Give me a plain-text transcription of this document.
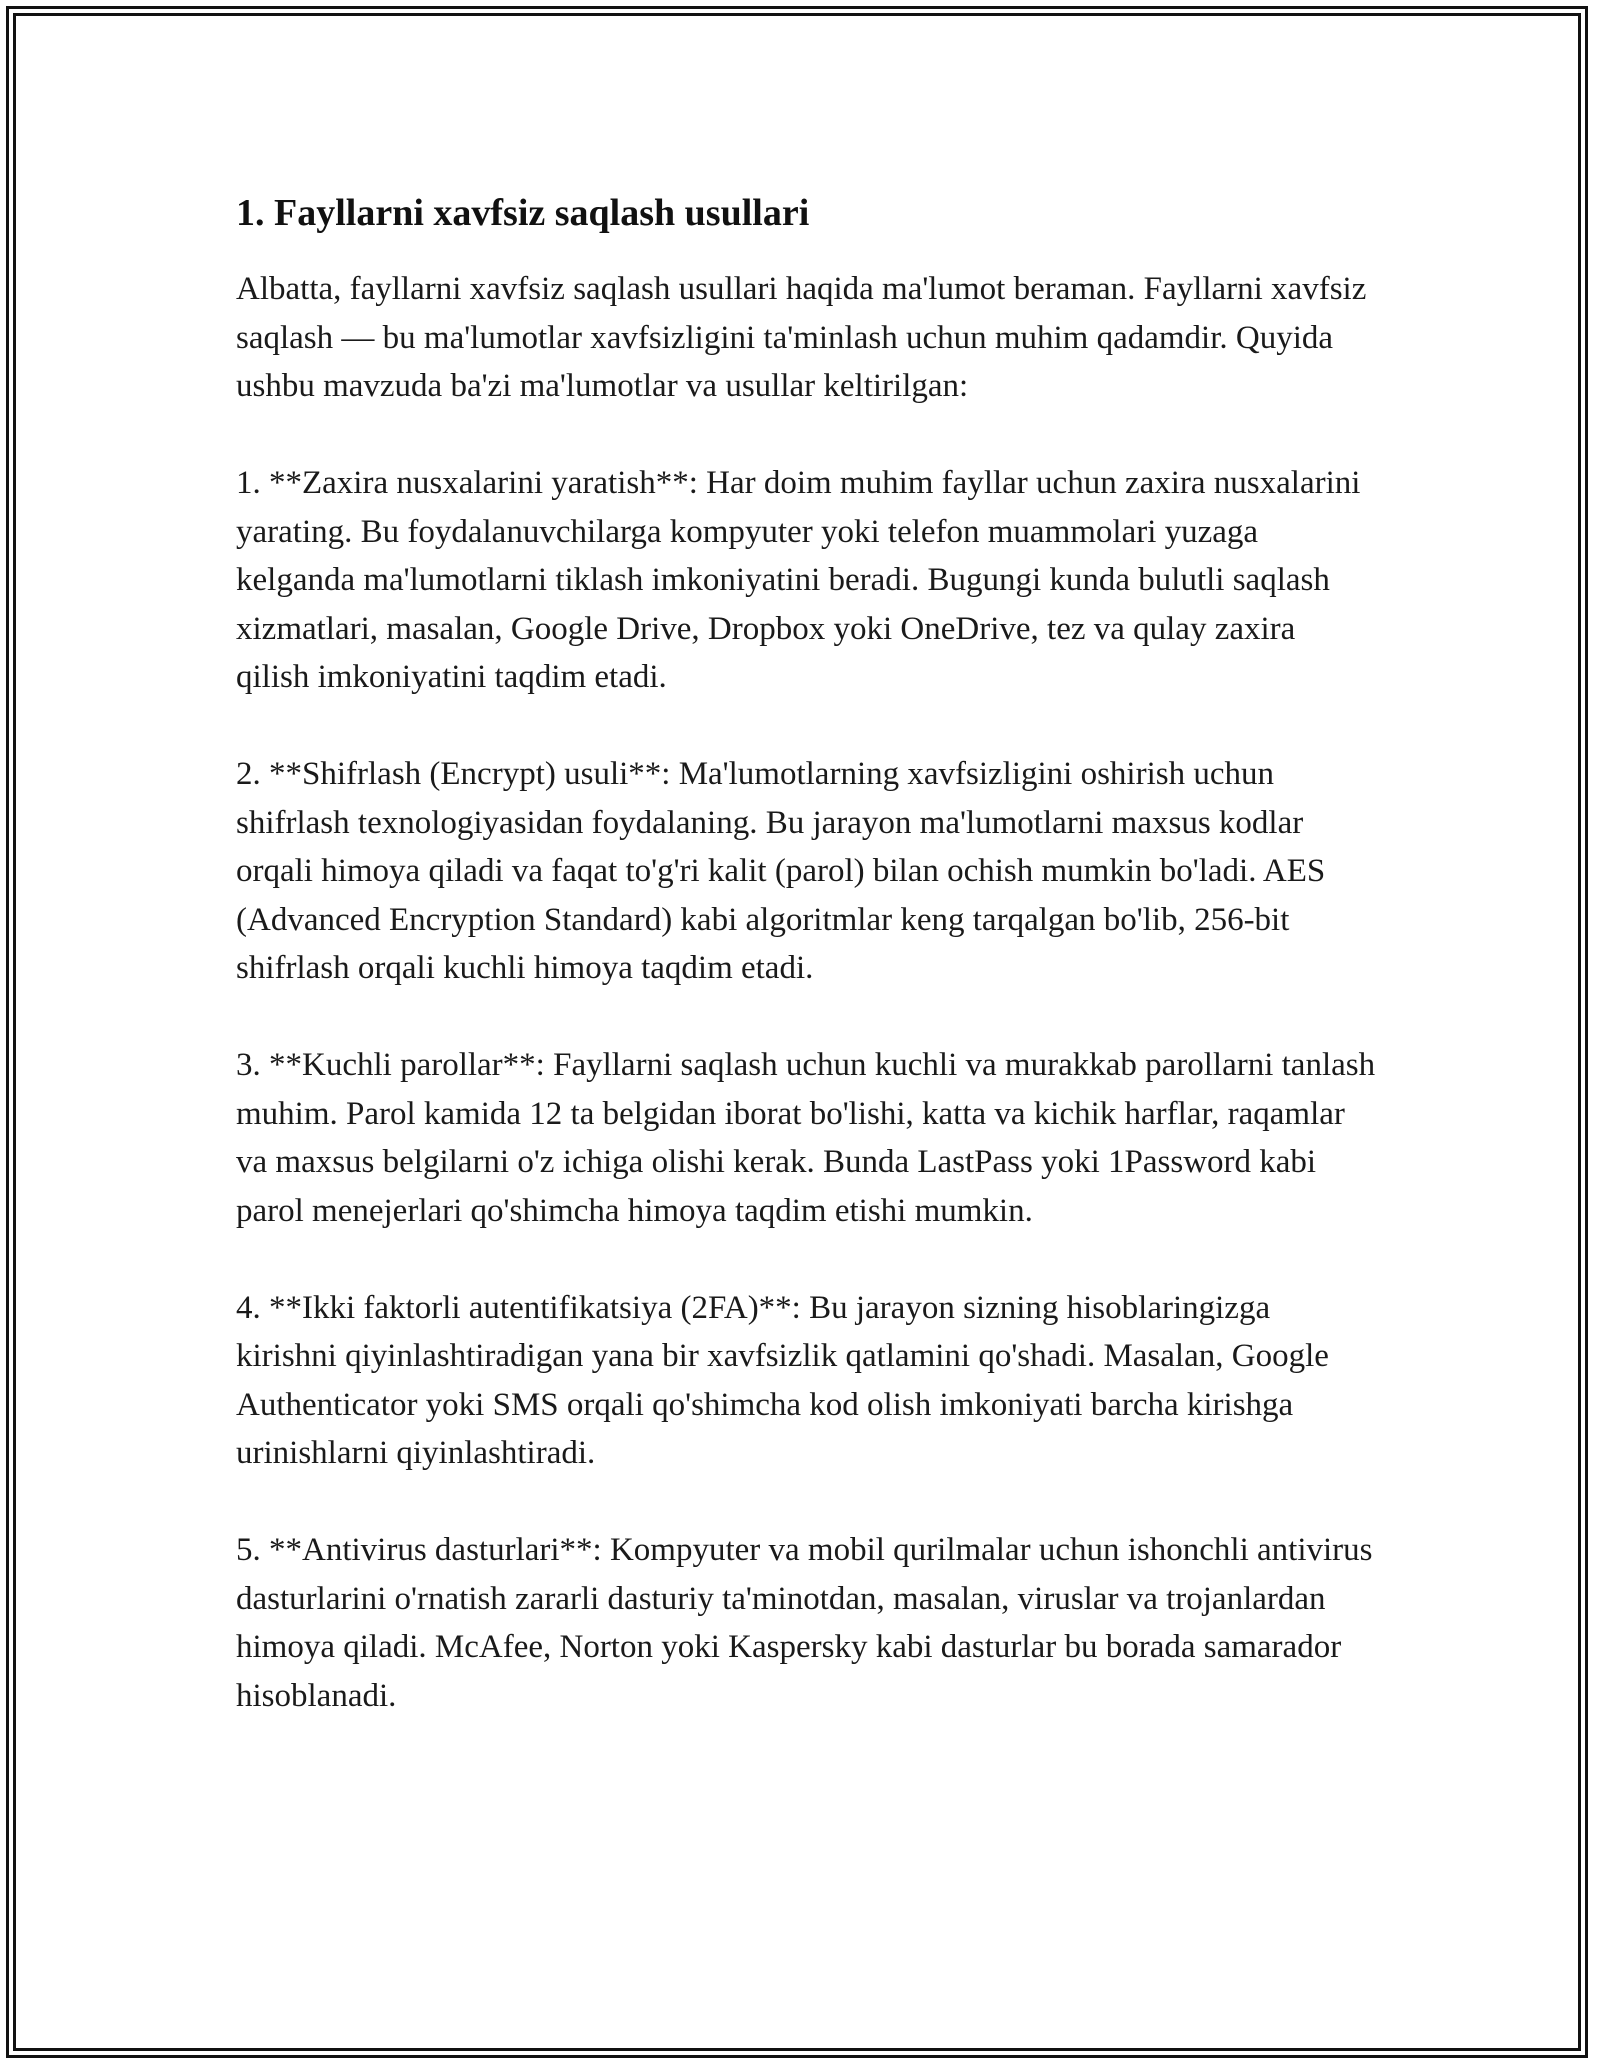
1. Fayllarni xavfsiz saqlash usullari

Albatta, fayllarni xavfsiz saqlash usullari haqida ma'lumot beraman. Fayllarni xavfsiz saqlash — bu ma'lumotlar xavfsizligini ta'minlash uchun muhim qadamdir. Quyida ushbu mavzuda ba'zi ma'lumotlar va usullar keltirilgan:

1. **Zaxira nusxalarini yaratish**: Har doim muhim fayllar uchun zaxira nusxalarini yarating. Bu foydalanuvchilarga kompyuter yoki telefon muammolari yuzaga kelganda ma'lumotlarni tiklash imkoniyatini beradi. Bugungi kunda bulutli saqlash xizmatlari, masalan, Google Drive, Dropbox yoki OneDrive, tez va qulay zaxira qilish imkoniyatini taqdim etadi.

2. **Shifrlash (Encrypt) usuli**: Ma'lumotlarning xavfsizligini oshirish uchun shifrlash texnologiyasidan foydalaning. Bu jarayon ma'lumotlarni maxsus kodlar orqali himoya qiladi va faqat to'g'ri kalit (parol) bilan ochish mumkin bo'ladi. AES (Advanced Encryption Standard) kabi algoritmlar keng tarqalgan bo'lib, 256-bit shifrlash orqali kuchli himoya taqdim etadi.

3. **Kuchli parollar**: Fayllarni saqlash uchun kuchli va murakkab parollarni tanlash muhim. Parol kamida 12 ta belgidan iborat bo'lishi, katta va kichik harflar, raqamlar va maxsus belgilarni o'z ichiga olishi kerak. Bunda LastPass yoki 1Password kabi parol menejerlari qo'shimcha himoya taqdim etishi mumkin.

4. **Ikki faktorli autentifikatsiya (2FA)**: Bu jarayon sizning hisoblaringizga kirishni qiyinlashtiradigan yana bir xavfsizlik qatlamini qo'shadi. Masalan, Google Authenticator yoki SMS orqali qo'shimcha kod olish imkoniyati barcha kirishga urinishlarni qiyinlashtiradi.

5. **Antivirus dasturlari**: Kompyuter va mobil qurilmalar uchun ishonchli antivirus dasturlarini o'rnatish zararli dasturiy ta'minotdan, masalan, viruslar va trojanlardan himoya qiladi. McAfee, Norton yoki Kaspersky kabi dasturlar bu borada samarador hisoblanadi.
